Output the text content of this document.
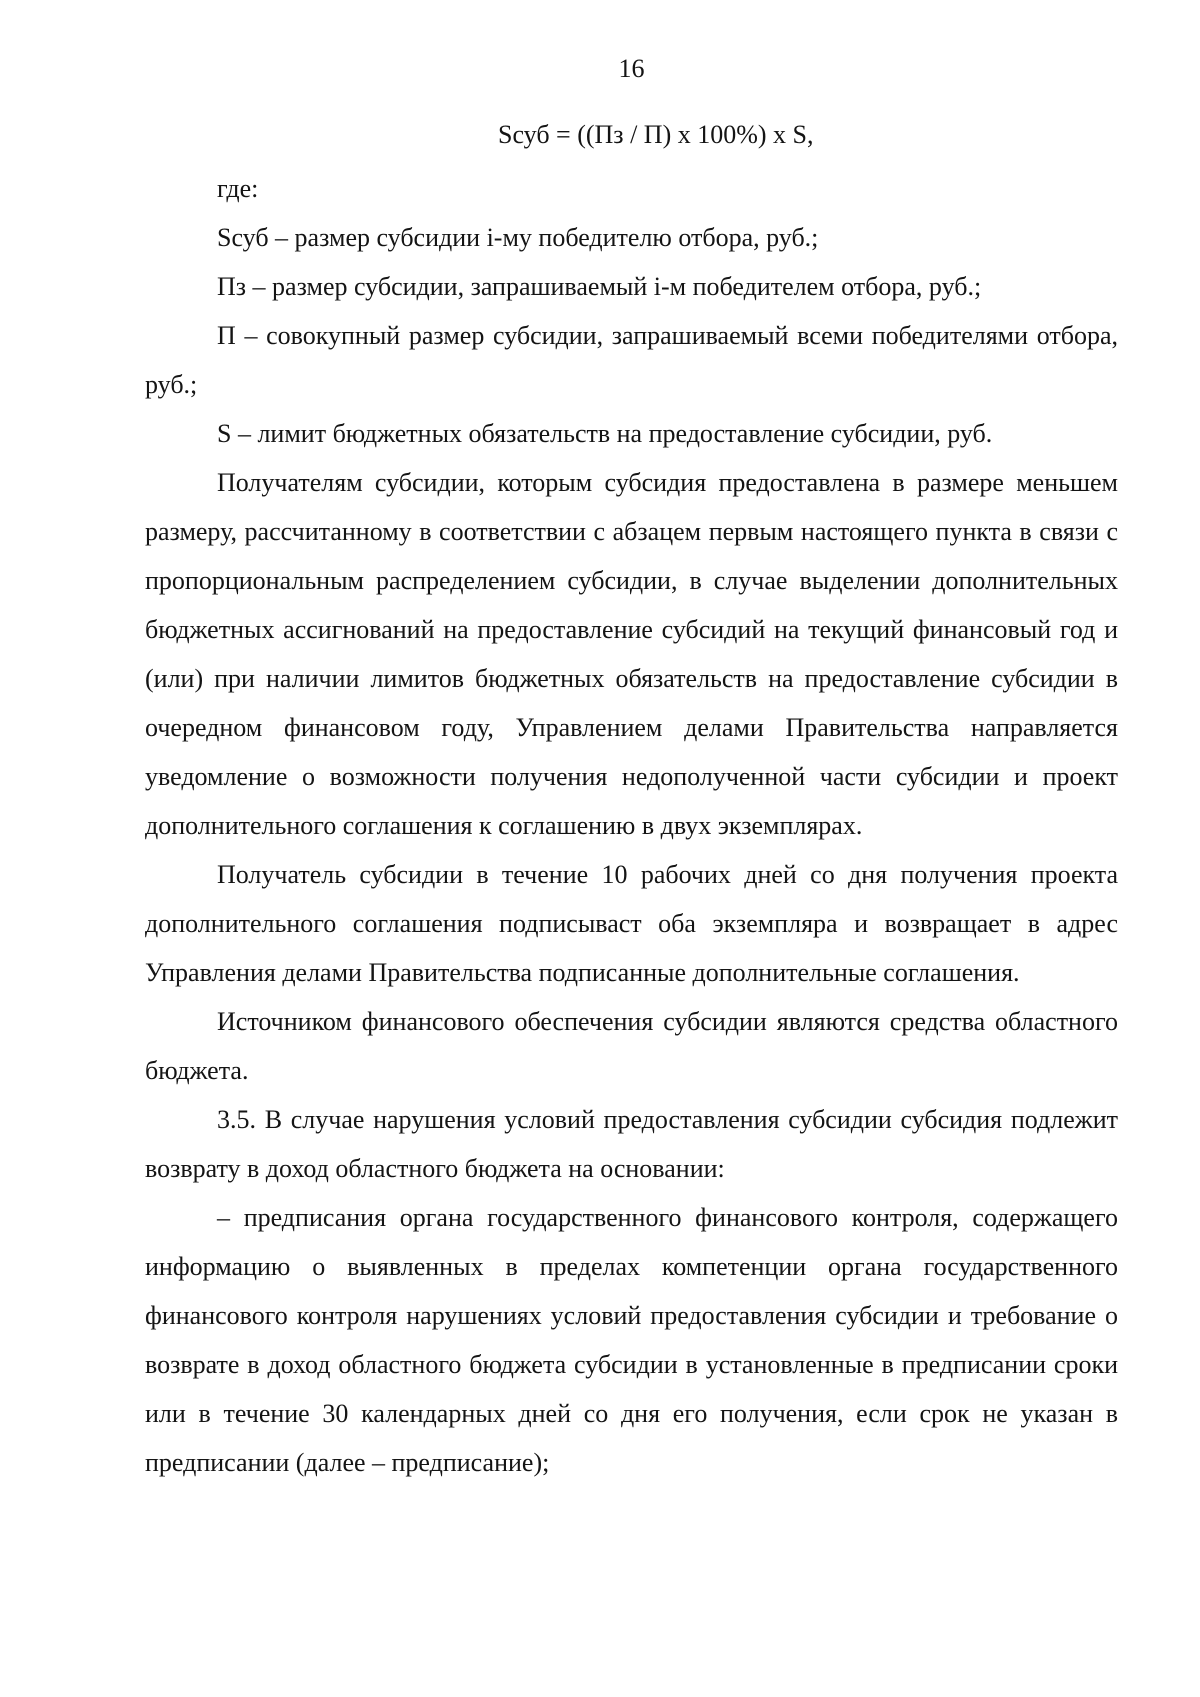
16
Sсуб = ((Пз / П) х 100%) х S,

где:

Sсуб – размер субсидии i-му победителю отбора, руб.;

Пз – размер субсидии, запрашиваемый i-м победителем отбора, руб.;

П – совокупный размер субсидии, запрашиваемый всеми победителями отбора, руб.;

S – лимит бюджетных обязательств на предоставление субсидии, руб.

Получателям субсидии, которым субсидия предоставлена в размере меньшем размеру, рассчитанному в соответствии с абзацем первым настоящего пункта в связи с пропорциональным распределением субсидии, в случае выделении дополнительных бюджетных ассигнований на предоставление субсидий на текущий финансовый год и (или) при наличии лимитов бюджетных обязательств на предоставление субсидии в очередном финансовом году, Управлением делами Правительства направляется уведомление о возможности получения недополученной части субсидии и проект дополнительного соглашения к соглашению в двух экземплярах.

Получатель субсидии в течение 10 рабочих дней со дня получения проекта дополнительного соглашения подписываст оба экземпляра и возвращает в адрес Управления делами Правительства подписанные дополнительные соглашения.

Источником финансового обеспечения субсидии являются средства областного бюджета.

3.5. В случае нарушения условий предоставления субсидии субсидия подлежит возврату в доход областного бюджета на основании:

– предписания органа государственного финансового контроля, содержащего информацию о выявленных в пределах компетенции органа государственного финансового контроля нарушениях условий предоставления субсидии и требование о возврате в доход областного бюджета субсидии в установленные в предписании сроки или в течение 30 календарных дней со дня его получения, если срок не указан в предписании (далее – предписание);
